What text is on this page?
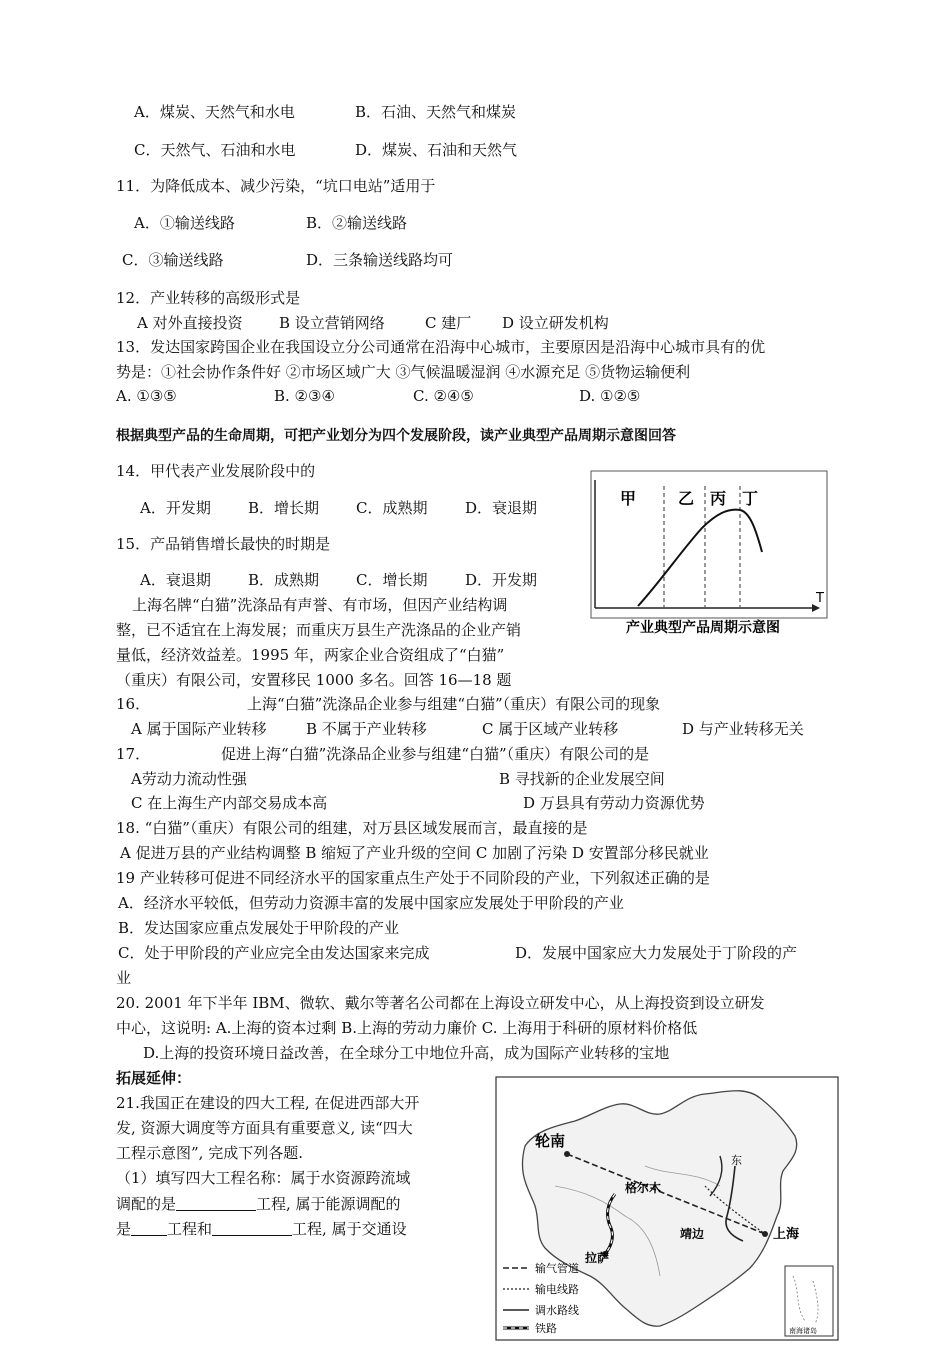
A．煤炭、天然气和水电	B．石油、天然气和煤炭
C．天然气、石油和水电	D．煤炭、石油和天然气
11．为降低成本、减少污染，“坑口电站”适用于
A．①输送线路	B．②输送线路
C．③输送线路	D．三条输送线路均可
12．产业转移的高级形式是
A 对外直接投资 B 设立营销网络	C 建厂 D 设立研发机构
13．发达国家跨国企业在我国设立分公司通常在沿海中心城市，主要原因是沿海中心城市具有的优
势是：①社会协作条件好 ②市场区域广大 ③气候温暖湿润 ④水源充足 ⑤货物运输便利
A. ①③⑤	B. ②③④	C. ②④⑤	D. ①②⑤
根据典型产品的生命周期，可把产业划分为四个发展阶段，读产业典型产品周期示意图回答
14．甲代表产业发展阶段中的
A．开发期 B．增长期 C．成熟期	D．衰退期
15．产品销售增长最快的时期是
A．衰退期 B．成熟期 C．增长期	D．开发期
上海名牌“白猫”洗涤品有声誉、有市场，但因产业结构调
整，已不适宜在上海发展；而重庆万县生产洗涤品的企业产销
量低，经济效益差。1995 年，两家企业合资组成了“白猫”
（重庆）有限公司，安置移民 1000 多名。回答 16—18 题
甲	乙 丙 丁
T
产业典型产品周期示意图
16．	上海“白猫”洗涤品企业参与组建“白猫”（重庆）有限公司的现象
A 属于国际产业转移	B 不属于产业转移	C 属于区域产业转移	D 与产业转移无关
17．	促进上海“白猫”洗涤品企业参与组建“白猫”（重庆）有限公司的是
A劳动力流动性强	B 寻找新的企业发展空间
C 在上海生产内部交易成本高	D 万县具有劳动力资源优势
18. “白猫”（重庆）有限公司的组建，对万县区域发展而言，最直接的是
A 促进万县的产业结构调整 B 缩短了产业升级的空间 C 加剧了污染 D 安置部分移民就业
19 产业转移可促进不同经济水平的国家重点生产处于不同阶段的产业，下列叙述正确的是
A．经济水平较低，但劳动力资源丰富的发展中国家应发展处于甲阶段的产业
B．发达国家应重点发展处于甲阶段的产业
C．处于甲阶段的产业应完全由发达国家来完成	D．发展中国家应大力发展处于丁阶段的产
业
20. 2001 年下半年 IBM、微软、戴尔等著名公司都在上海设立研发中心，从上海投资到设立研发
中心，这说明: A.上海的资本过剩 B.上海的劳动力廉价 C. 上海用于科研的原材料价格低
D.上海的投资环境日益改善，在全球分工中地位升高，成为国际产业转移的宝地
拓展延伸：
21.我国正在建设的四大工程, 在促进西部大开
发, 资源大调度等方面具有重要意义, 读“四大
工程示意图”, 完成下列各题.
（1）填写四大工程名称：属于水资源跨流域
调配的是	工程, 属于能源调配的
是 工程和	工程, 属于交通设
轮南
格尔木
拉萨
靖边	上海
东
输气管道
输电线路
调水路线
铁路	南海诸岛
